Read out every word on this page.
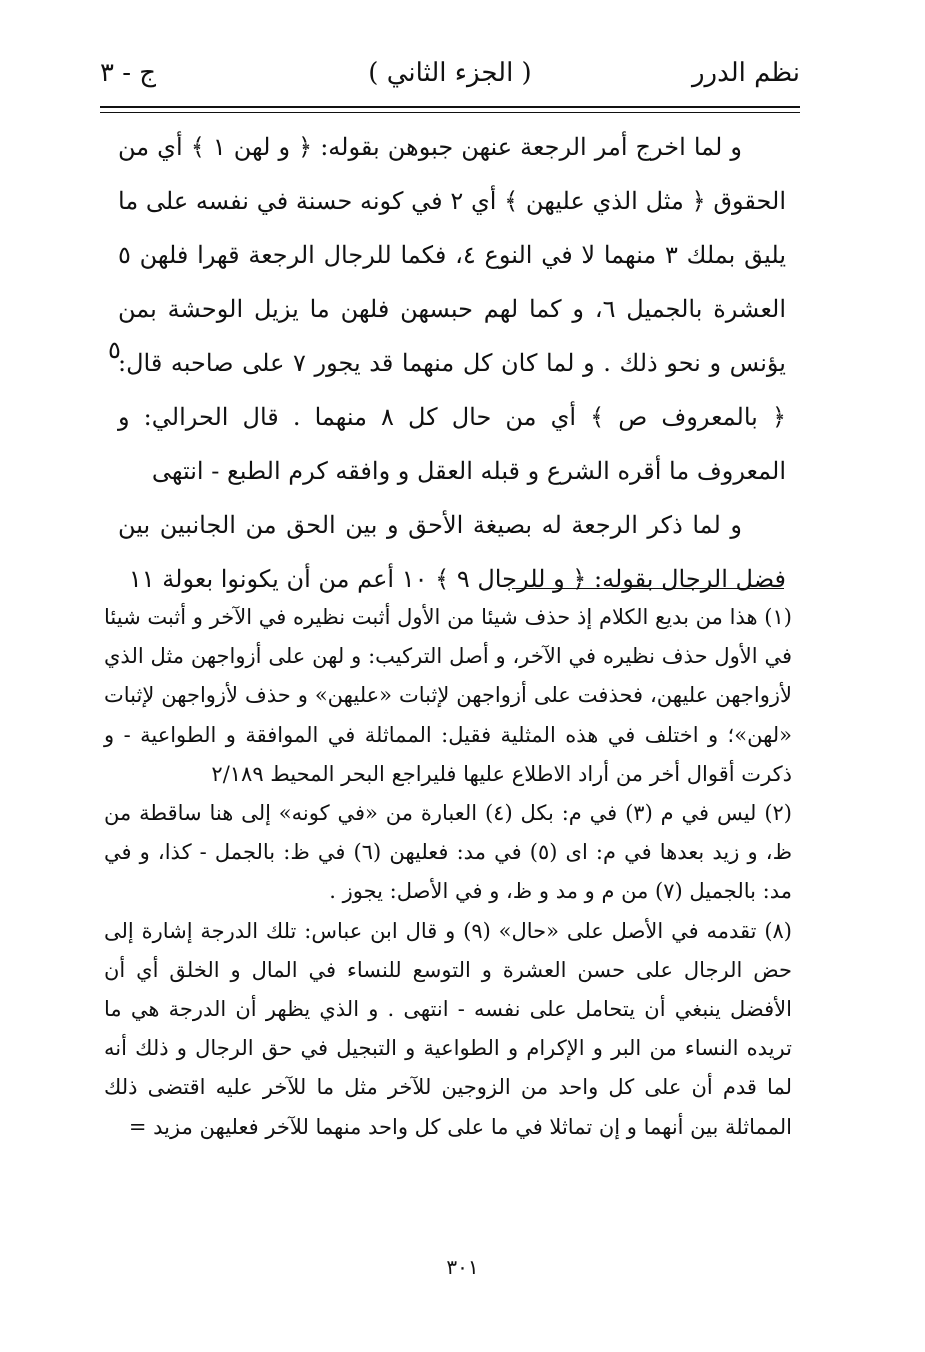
نظم الدرر
( الجزء الثاني )
ج - ٣

و لما اخرج أمر الرجعة عنهن جبوهن بقوله: ﴿ و لهن ١ ﴾ أي من الحقوق ﴿ مثل الذي عليهن ﴾ أي ٢ في كونه حسنة في نفسه على ما يليق بملك ٣ منهما لا في النوع ٤، فكما للرجال الرجعة قهرا فلهن ٥ العشرة بالجميل ٦، و كما لهم حبسهن فلهن ما يزيل الوحشة بمن يؤنس و نحو ذلك . و لما كان كل منهما قد يجور ٧ على صاحبه قال: ﴿ بالمعروف ص ﴾ أي من حال كل ٨ منهما . قال الحرالي: و المعروف ما أقره الشرع و قبله العقل و وافقه كرم الطبع - انتهى

و لما ذكر الرجعة له بصيغة الأحق و بين الحق من الجانبين بين فضل الرجال بقوله: ﴿ و للرجال ٩ ﴾ ١٠ أعم من أن يكونوا بعولة ١١

٥

(١) هذا من بديع الكلام إذ حذف شيئا من الأول أثبت نظيره في الآخر و أثبت شيئا في الأول حذف نظيره في الآخر، و أصل التركيب: و لهن على أزواجهن مثل الذي لأزواجهن عليهن، فحذفت على أزواجهن لإثبات «عليهن» و حذف لأزواجهن لإثبات «لهن»؛ و اختلف في هذه المثلية فقيل: المماثلة في الموافقة و الطواعية - و ذكرت أقوال أخر من أراد الاطلاع عليها فليراجع البحر المحيط ٢/١٨٩

(٢) ليس في م (٣) في م: بكل (٤) العبارة من «في كونه» إلى هنا ساقطة من ظ، و زيد بعدها في م: اى (٥) في مد: فعليهن (٦) في ظ: بالجمل - كذا، و في مد: بالجميل (٧) من م و مد و ظ، و في الأصل: يجوز .

(٨) تقدمه في الأصل على «حال» (٩) و قال ابن عباس: تلك الدرجة إشارة إلى حض الرجال على حسن العشرة و التوسع للنساء في المال و الخلق أي أن الأفضل ينبغي أن يتحامل على نفسه - انتهى . و الذي يظهر أن الدرجة هي ما تريده النساء من البر و الإكرام و الطواعية و التبجيل في حق الرجال و ذلك أنه لما قدم أن على كل واحد من الزوجين للآخر مثل ما للآخر عليه اقتضى ذلك المماثلة بين أنهما و إن تماثلا في ما على كل واحد منهما للآخر فعليهن مزيد =

٣٠١
